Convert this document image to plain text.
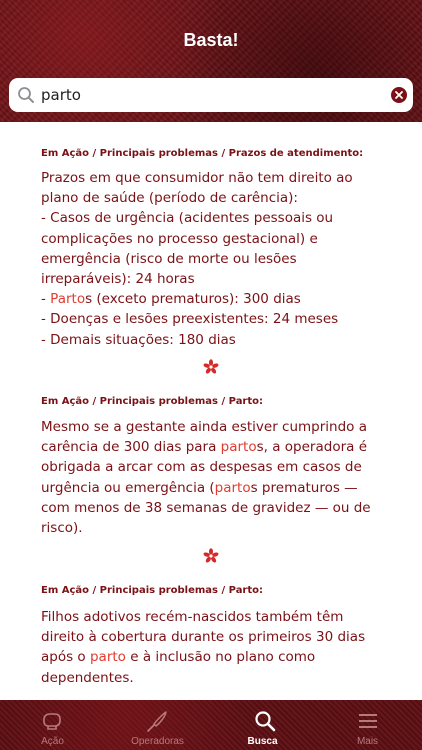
Basta!
parto
Em Ação / Principais problemas / Prazos de atendimento:
Prazos em que consumidor não tem direito ao
plano de saúde (período de carência):
- Casos de urgência (acidentes pessoais ou
complicações no processo gestacional) e
emergência (risco de morte ou lesões
irreparáveis): 24 horas
- Partos (exceto prematuros): 300 dias
- Doenças e lesões preexistentes: 24 meses
- Demais situações: 180 dias
Em Ação / Principais problemas / Parto:
Mesmo se a gestante ainda estiver cumprindo a
carência de 300 dias para partos, a operadora é
obrigada a arcar com as despesas em casos de
urgência ou emergência (partos prematuros —
com menos de 38 semanas de gravidez — ou de
risco).
Em Ação / Principais problemas / Parto:
Filhos adotivos recém-nascidos também têm
direito à cobertura durante os primeiros 30 dias
após o parto e à inclusão no plano como
dependentes.
Ação	Operadoras	Busca	Mais
